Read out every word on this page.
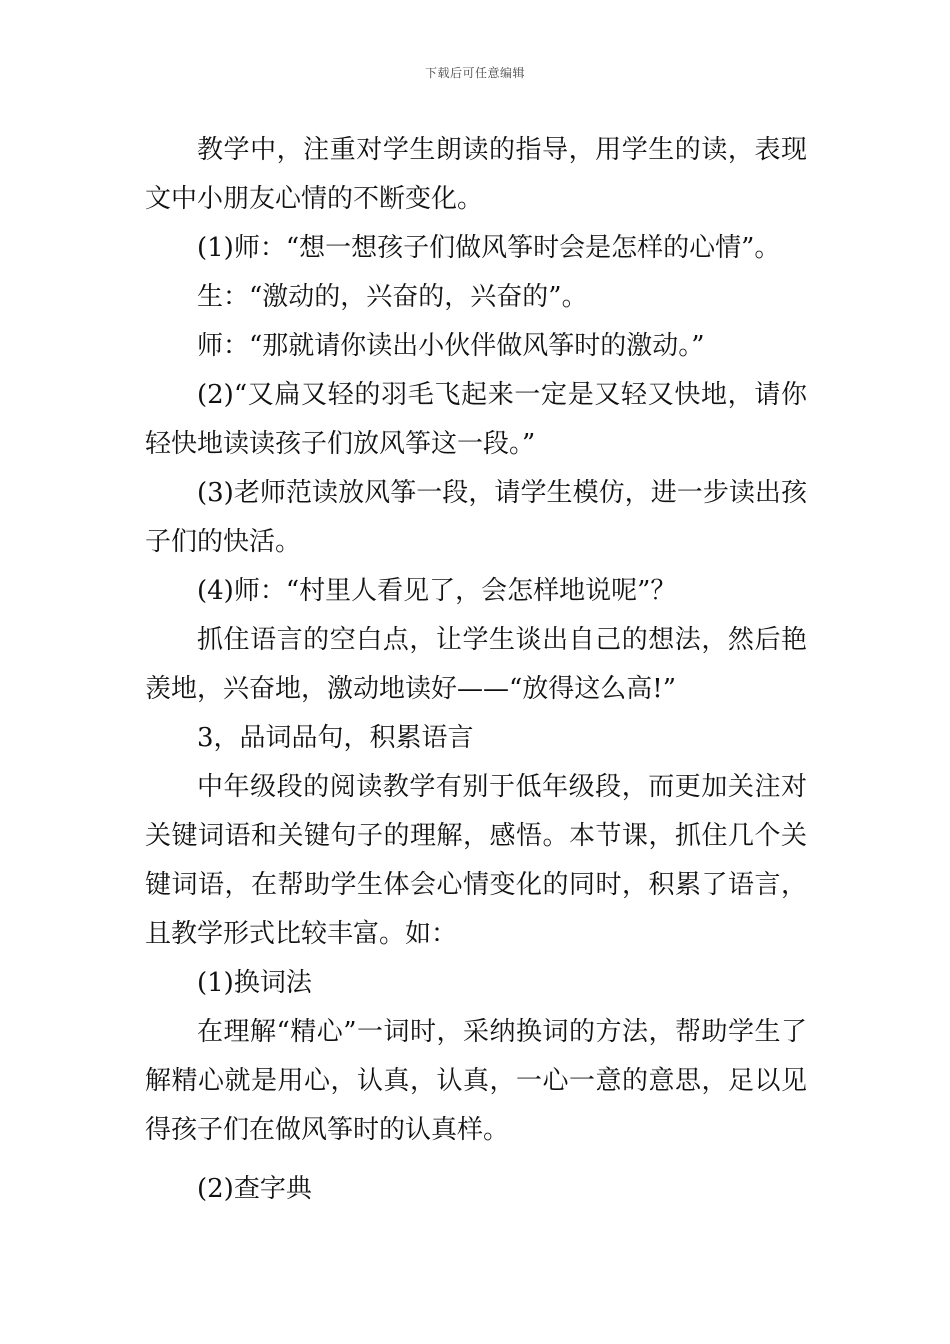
下载后可任意编辑

教学中，注重对学生朗读的指导，用学生的读，表现文中小朋友心情的不断变化。

(1)师：“想一想孩子们做风筝时会是怎样的心情”。

生：“激动的，兴奋的，兴奋的”。

师：“那就请你读出小伙伴做风筝时的激动。”

(2)“又扁又轻的羽毛飞起来一定是又轻又快地，请你轻快地读读孩子们放风筝这一段。”

(3)老师范读放风筝一段，请学生模仿，进一步读出孩子们的快活。

(4)师：“村里人看见了，会怎样地说呢”？

抓住语言的空白点，让学生谈出自己的想法，然后艳羡地，兴奋地，激动地读好——“放得这么高!”

3，品词品句，积累语言

中年级段的阅读教学有别于低年级段，而更加关注对关键词语和关键句子的理解，感悟。本节课，抓住几个关键词语，在帮助学生体会心情变化的同时，积累了语言，且教学形式比较丰富。如：

(1)换词法

在理解“精心”一词时，采纳换词的方法，帮助学生了解精心就是用心，认真，认真，一心一意的意思，足以见得孩子们在做风筝时的认真样。

(2)查字典
